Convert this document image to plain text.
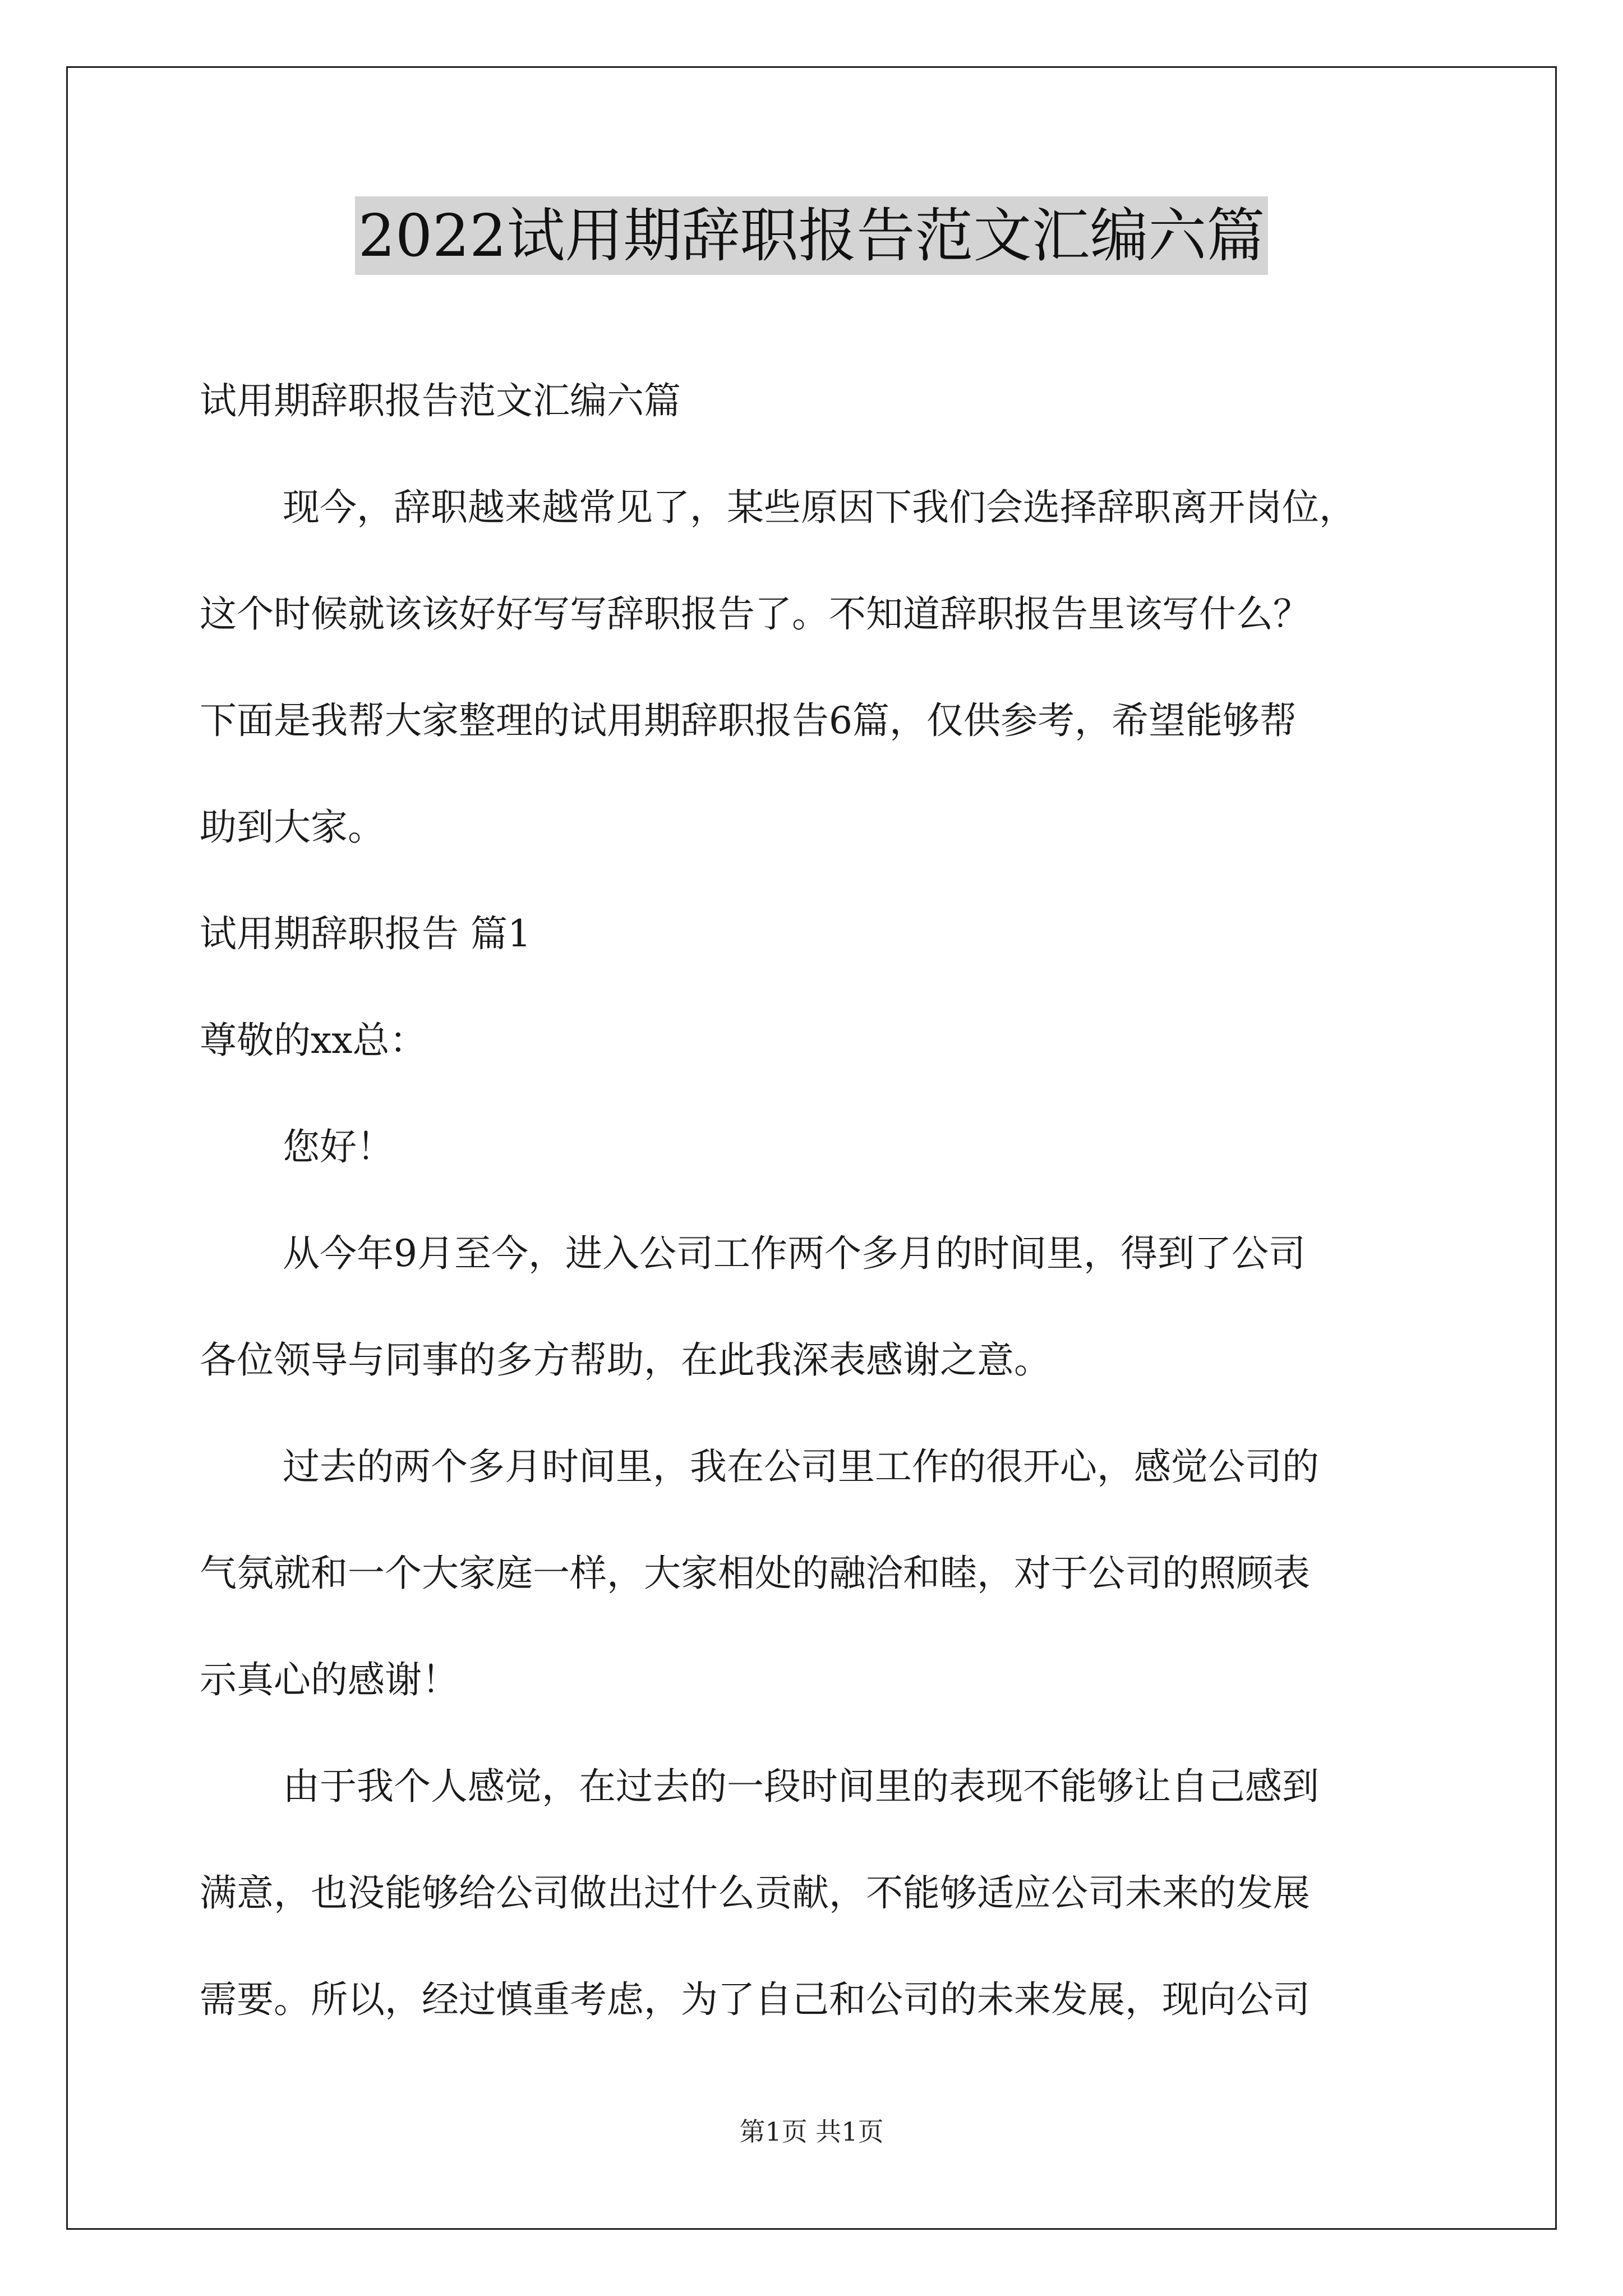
2022试用期辞职报告范文汇编六篇
试用期辞职报告范文汇编六篇
现今，辞职越来越常见了，某些原因下我们会选择辞职离开岗位，
这个时候就该该好好写写辞职报告了。不知道辞职报告里该写什么？
下面是我帮大家整理的试用期辞职报告6篇，仅供参考，希望能够帮
助到大家。
试用期辞职报告 篇1
尊敬的xx总：
您好！
从今年9月至今，进入公司工作两个多月的时间里，得到了公司
各位领导与同事的多方帮助，在此我深表感谢之意。
过去的两个多月时间里，我在公司里工作的很开心，感觉公司的
气氛就和一个大家庭一样，大家相处的融洽和睦，对于公司的照顾表
示真心的感谢！
由于我个人感觉，在过去的一段时间里的表现不能够让自己感到
满意，也没能够给公司做出过什么贡献，不能够适应公司未来的发展
需要。所以，经过慎重考虑，为了自己和公司的未来发展，现向公司
第1页 共1页
